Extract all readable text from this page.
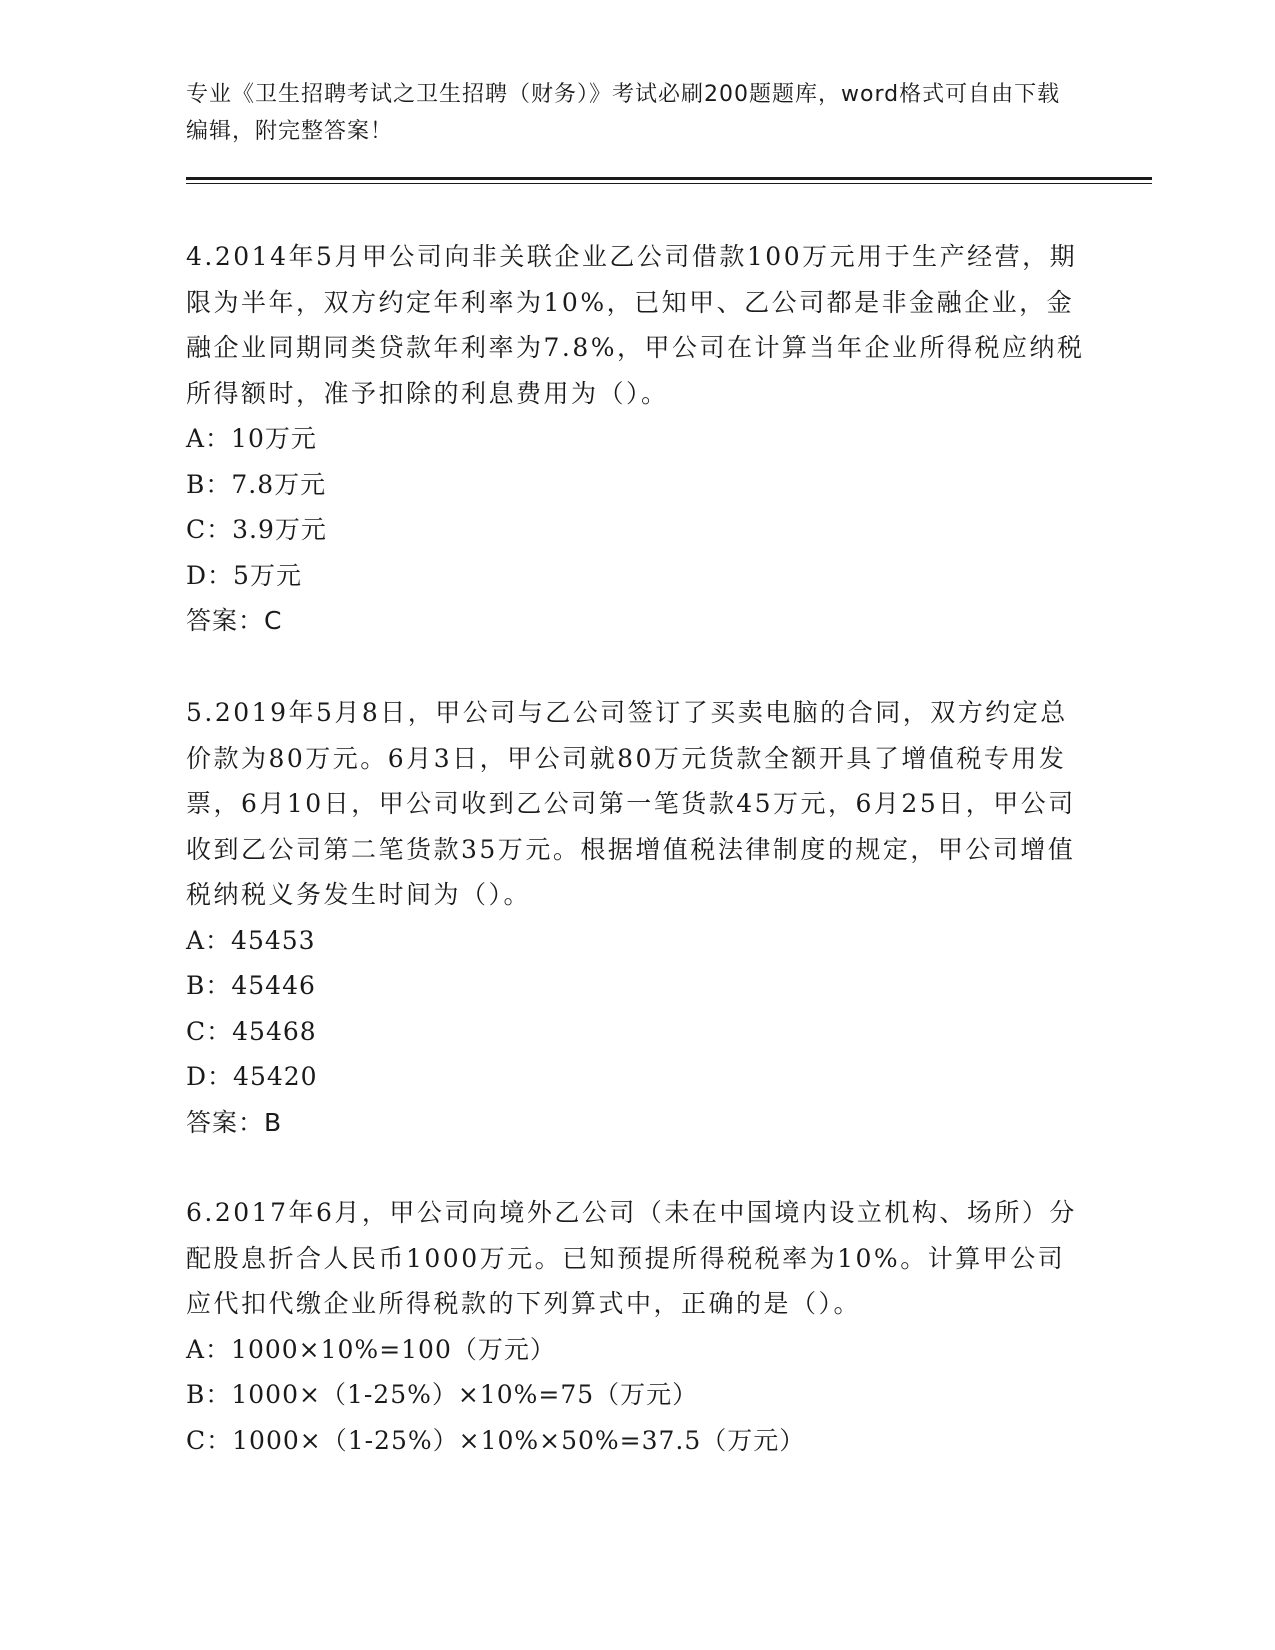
专业《卫生招聘考试之卫生招聘（财务）》考试必刷200题题库，word格式可自由下载编辑，附完整答案！

4.2014年5月甲公司向非关联企业乙公司借款100万元用于生产经营，期限为半年，双方约定年利率为10%，已知甲、乙公司都是非金融企业，金融企业同期同类贷款年利率为7.8%，甲公司在计算当年企业所得税应纳税所得额时，准予扣除的利息费用为（）。

A：10万元

B：7.8万元

C：3.9万元

D：5万元

答案：C

5.2019年5月8日，甲公司与乙公司签订了买卖电脑的合同，双方约定总价款为80万元。6月3日，甲公司就80万元货款全额开具了增值税专用发票，6月10日，甲公司收到乙公司第一笔货款45万元，6月25日，甲公司收到乙公司第二笔货款35万元。根据增值税法律制度的规定，甲公司增值税纳税义务发生时间为（）。

A：45453

B：45446

C：45468

D：45420

答案：B

6.2017年6月，甲公司向境外乙公司（未在中国境内设立机构、场所）分配股息折合人民币1000万元。已知预提所得税税率为10%。计算甲公司应代扣代缴企业所得税款的下列算式中，正确的是（）。

A：1000×10%=100（万元）

B：1000×（1-25%）×10%=75（万元）

C：1000×（1-25%）×10%×50%=37.5（万元）
